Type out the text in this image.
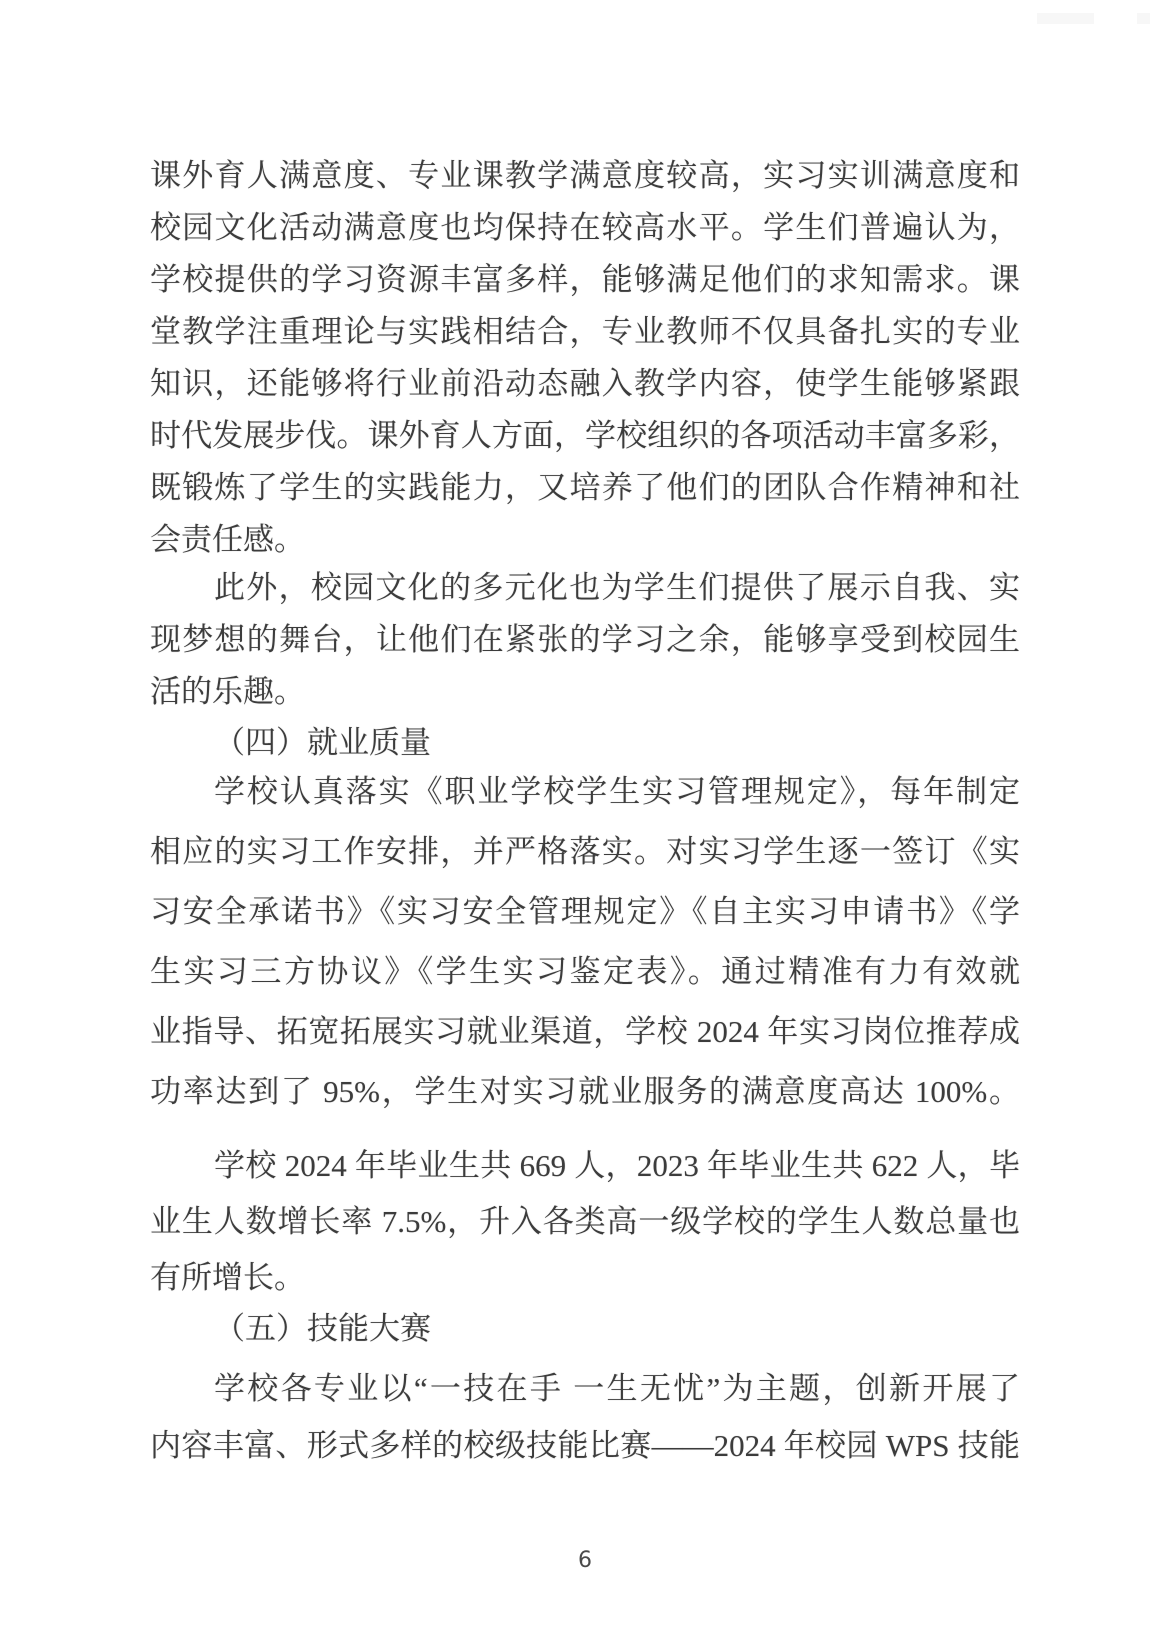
课外育人满意度、专业课教学满意度较高，实习实训满意度和
校园文化活动满意度也均保持在较高水平。学生们普遍认为，
学校提供的学习资源丰富多样，能够满足他们的求知需求。课
堂教学注重理论与实践相结合，专业教师不仅具备扎实的专业
知识，还能够将行业前沿动态融入教学内容，使学生能够紧跟
时代发展步伐。课外育人方面，学校组织的各项活动丰富多彩，
既锻炼了学生的实践能力，又培养了他们的团队合作精神和社
会责任感。
此外，校园文化的多元化也为学生们提供了展示自我、实
现梦想的舞台，让他们在紧张的学习之余，能够享受到校园生
活的乐趣。
（四）就业质量
学校认真落实《职业学校学生实习管理规定》，每年制定
相应的实习工作安排，并严格落实。对实习学生逐一签订《实
习安全承诺书》《实习安全管理规定》《自主实习申请书》《学
生实习三方协议》《学生实习鉴定表》。通过精准有力有效就
业指导、拓宽拓展实习就业渠道，学校 2024 年实习岗位推荐成
功率达到了 95%，学生对实习就业服务的满意度高达 100%。
学校 2024 年毕业生共 669 人，2023 年毕业生共 622 人，毕
业生人数增长率 7.5%，升入各类高一级学校的学生人数总量也
有所增长。
（五）技能大赛
学校各专业以“一技在手 一生无忧”为主题，创新开展了
内容丰富、形式多样的校级技能比赛——2024 年校园 WPS 技能
6
